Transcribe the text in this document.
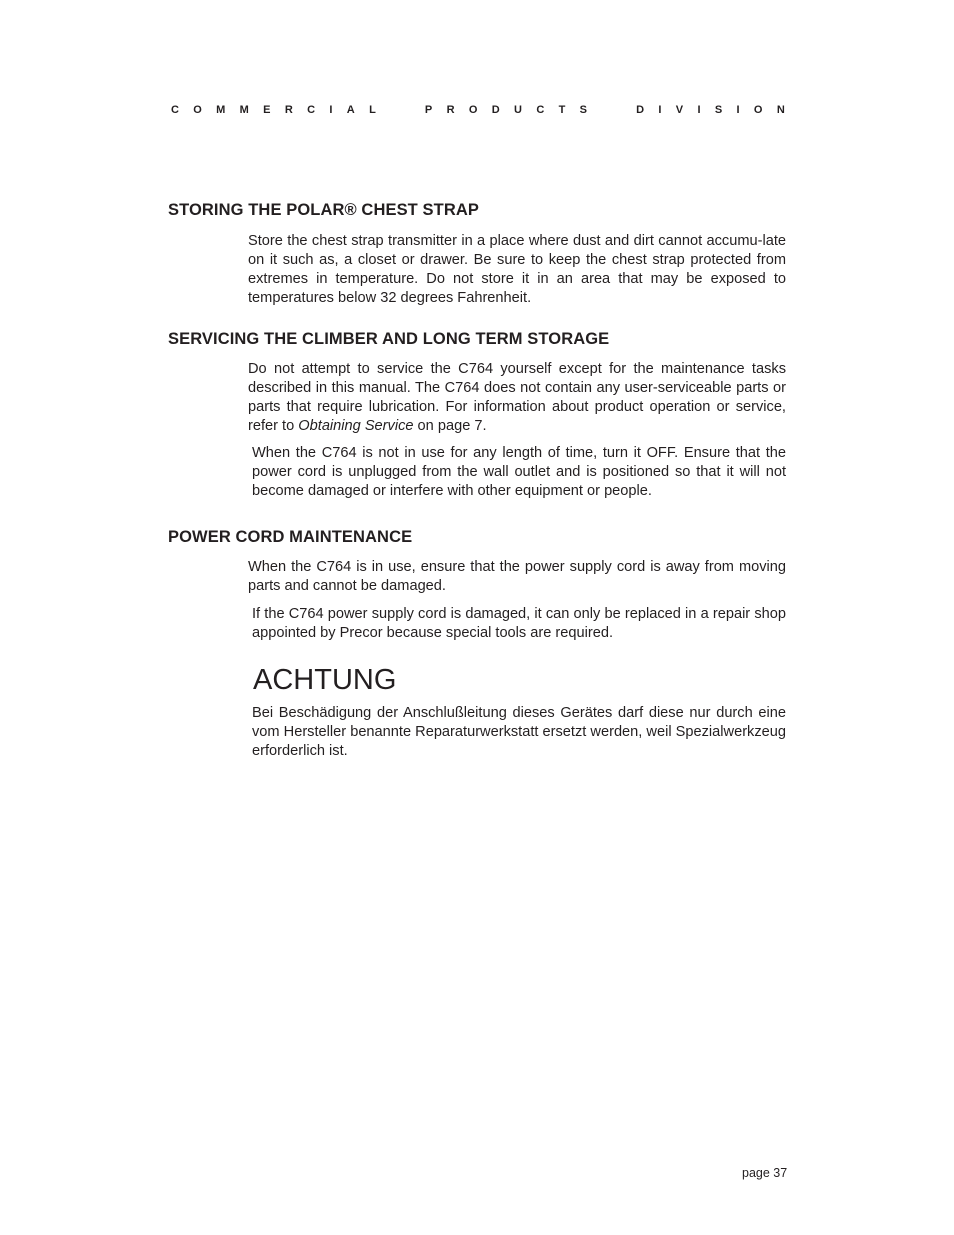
C O M M E R C I A L

	P R O D U C T S

	D I V I S I O N
STORING THE POLAR® CHEST STRAP

Store the chest strap transmitter in a place where dust and dirt cannot accumu-late on it such as, a closet or drawer. Be sure to keep the chest strap protected from extremes in temperature. Do not store it in an area that may be exposed to temperatures below 32 degrees Fahrenheit.

SERVICING THE CLIMBER AND LONG TERM STORAGE

Do not attempt to service the C764 yourself except for the maintenance tasks described in this manual. The C764 does not contain any user-serviceable parts or parts that require lubrication. For information about product operation or service, refer to Obtaining Service on page 7.

When the C764 is not in use for any length of time, turn it OFF. Ensure that the power cord is unplugged from the wall outlet and is positioned so that it will not become damaged or interfere with other equipment or people.

POWER CORD MAINTENANCE

When the C764 is in use, ensure that the power supply cord is away from moving parts and cannot be damaged.

If the C764 power supply cord is damaged, it can only be replaced in a repair shop appointed by Precor because special tools are required.

ACHTUNG

Bei Beschädigung der Anschlußleitung dieses Gerätes darf diese nur durch eine vom Hersteller benannte Reparaturwerkstatt ersetzt werden, weil Spezialwerkzeug erforderlich ist.

page 37
